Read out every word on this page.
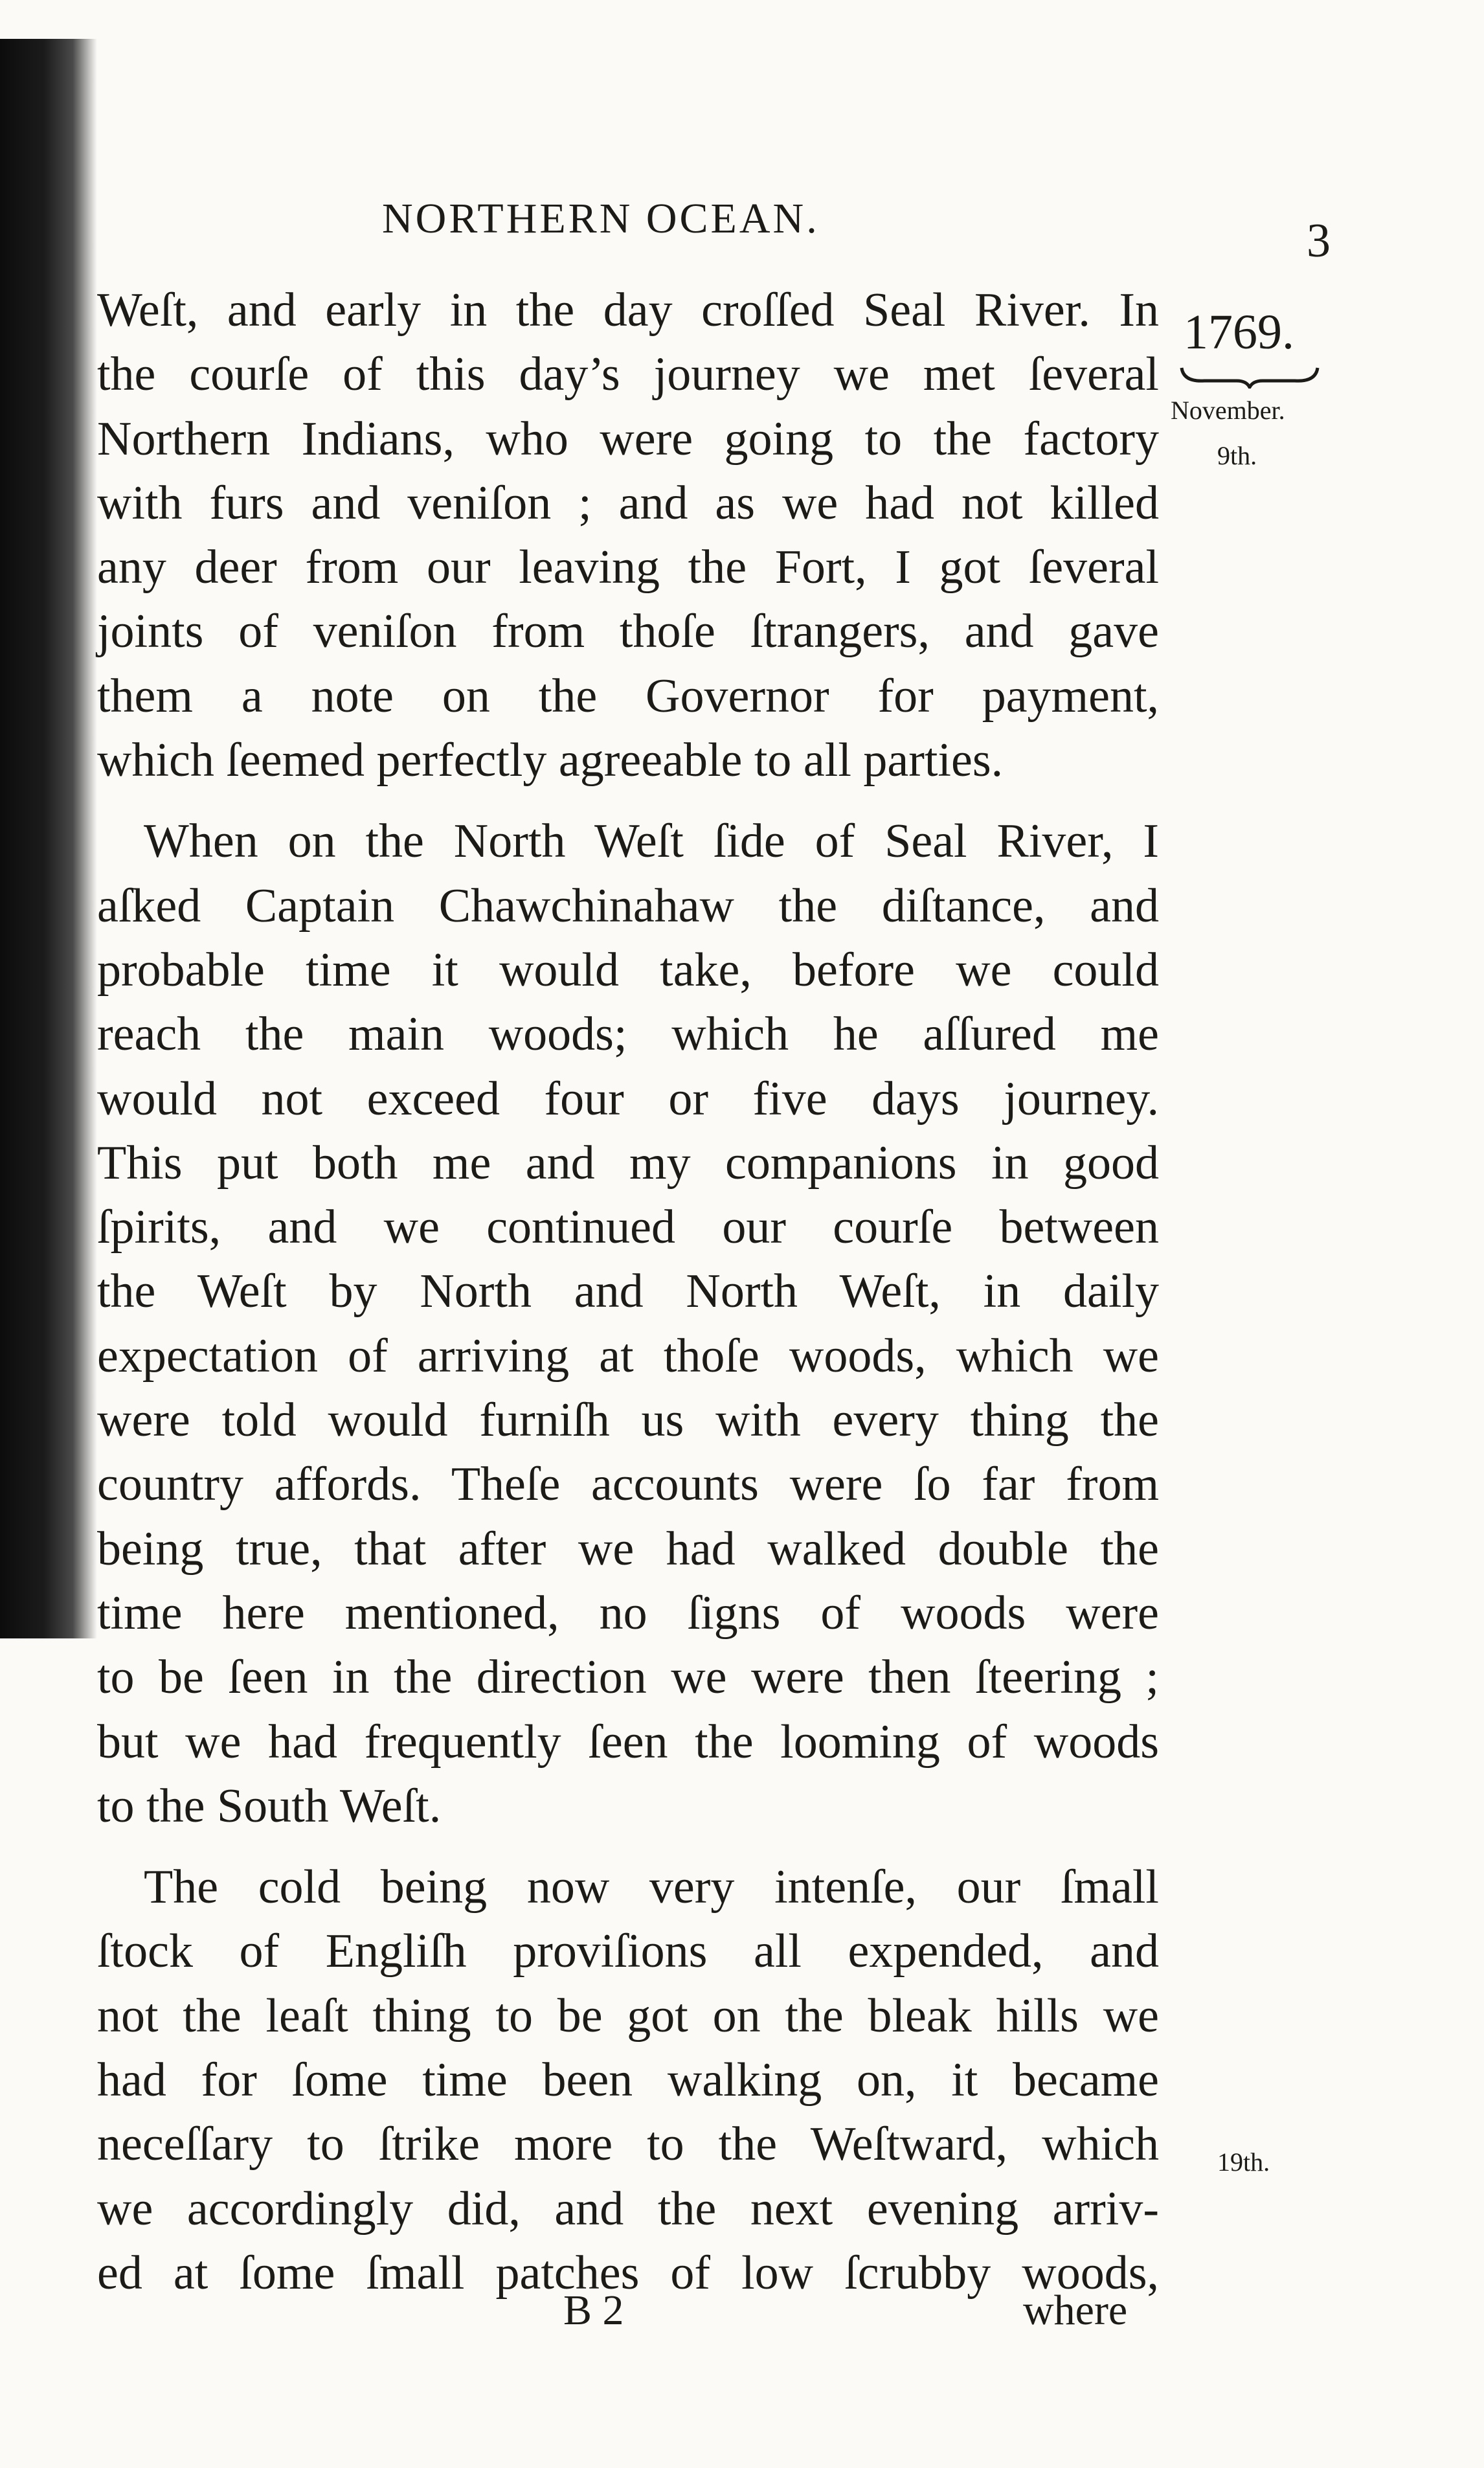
NORTHERN OCEAN.	3
1769.
November.
9th.
19th.
Weſt, and early in the day croſſed Seal River. In
the courſe of this day’s journey we met ſeveral
Northern Indians, who were going to the factory
with furs and veniſon ; and as we had not killed
any deer from our leaving the Fort, I got ſeveral
joints of veniſon from thoſe ſtrangers, and gave
them a note on the Governor for payment,
which ſeemed perfectly agreeable to all parties.
When on the North Weſt ſide of Seal River, I
aſked Captain Chawchinahaw the diſtance, and
probable time it would take, before we could
reach the main woods; which he aſſured me
would not exceed four or five days journey.
This put both me and my companions in good
ſpirits, and we continued our courſe between
the Weſt by North and North Weſt, in daily
expectation of arriving at thoſe woods, which we
were told would furniſh us with every thing the
country affords. Theſe accounts were ſo far from
being true, that after we had walked double the
time here mentioned, no ſigns of woods were
to be ſeen in the direction we were then ſteering ;
but we had frequently ſeen the looming of woods
to the South Weſt.
The cold being now very intenſe, our ſmall
ſtock of Engliſh proviſions all expended, and
not the leaſt thing to be got on the bleak hills we
had for ſome time been walking on, it became
neceſſary to ſtrike more to the Weſtward, which
we accordingly did, and the next evening arriv-
ed at ſome ſmall patches of low ſcrubby woods,
B 2	where
